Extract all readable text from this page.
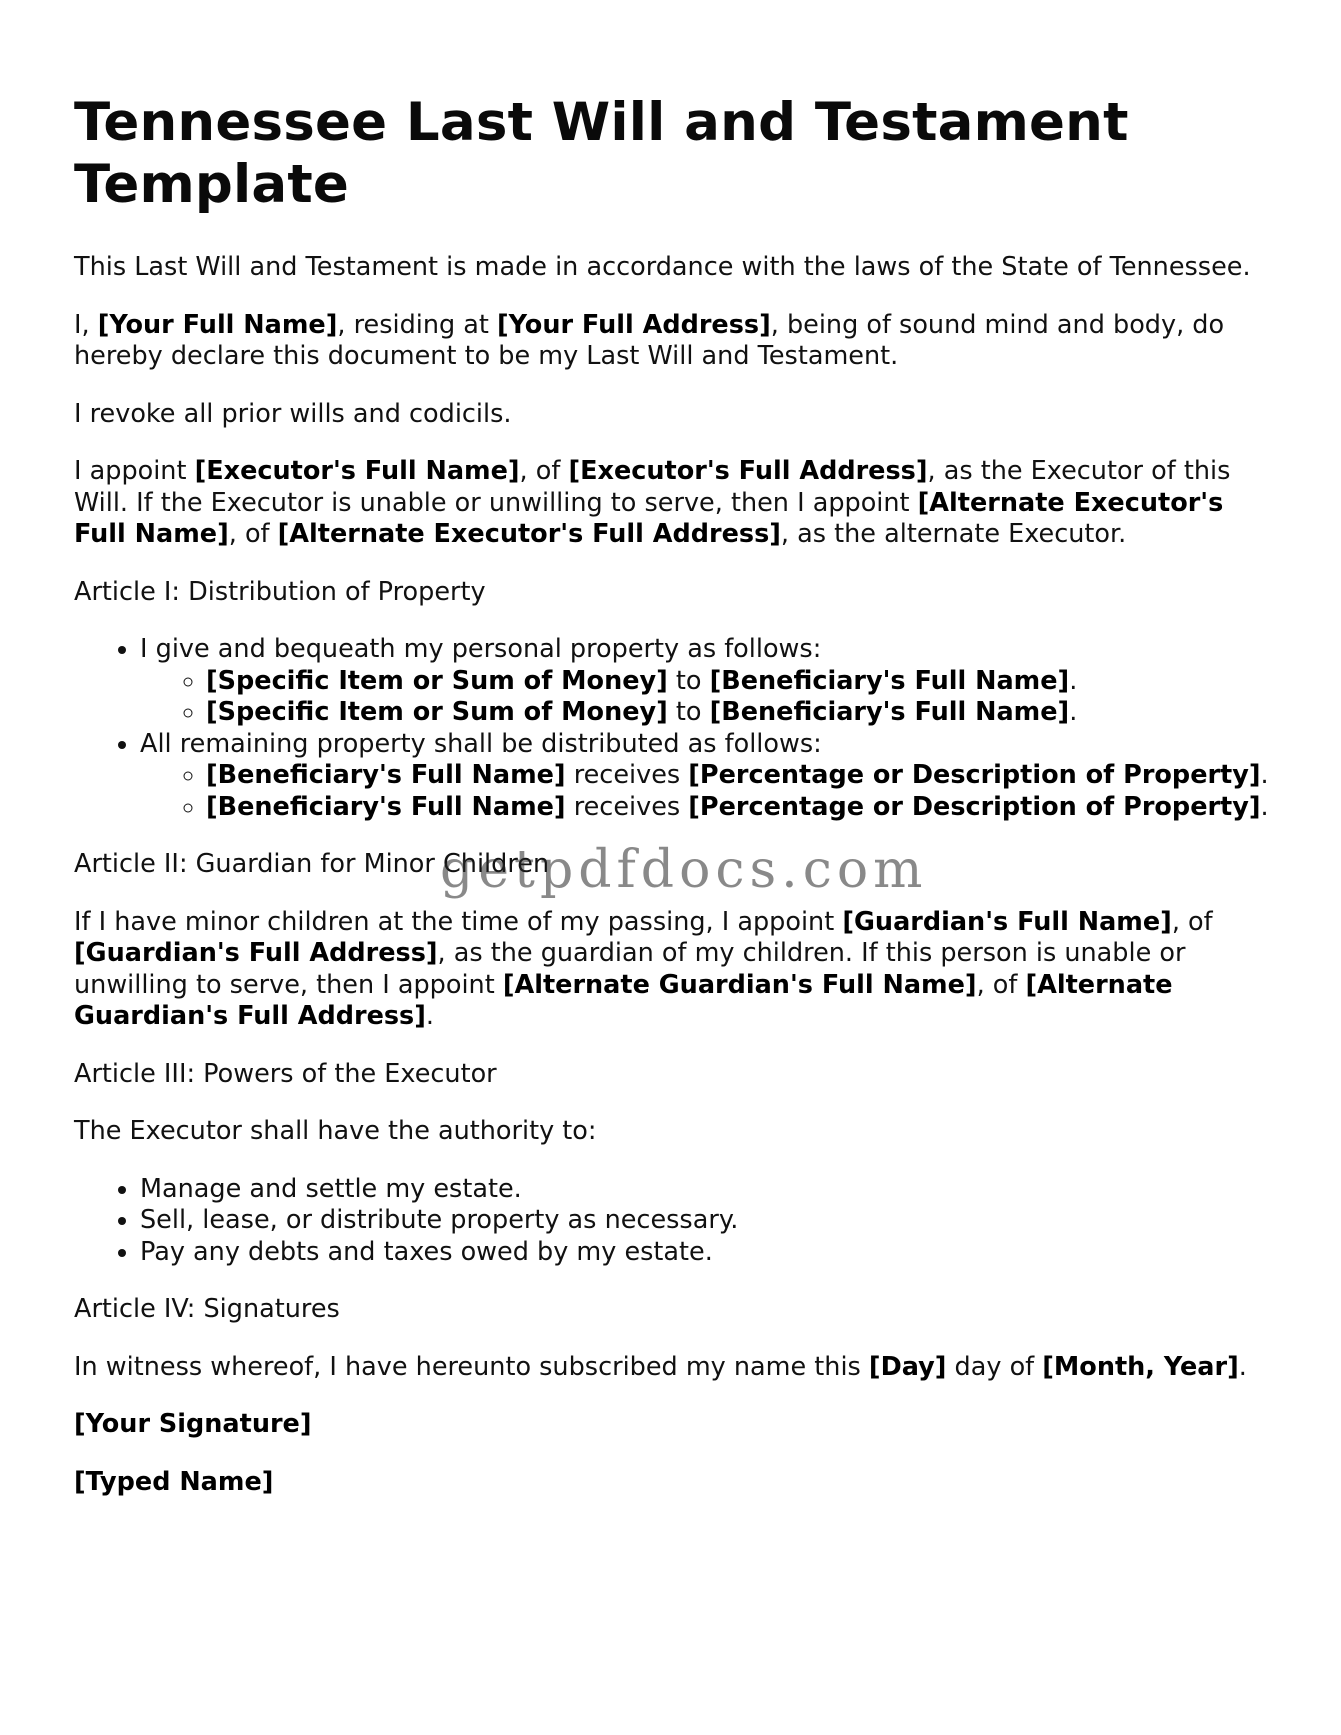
Tennessee Last Will and Testament Template

This Last Will and Testament is made in accordance with the laws of the State of Tennessee.

I, [Your Full Name], residing at [Your Full Address], being of sound mind and body, do hereby declare this document to be my Last Will and Testament.

I revoke all prior wills and codicils.

I appoint [Executor's Full Name], of [Executor's Full Address], as the Executor of this Will. If the Executor is unable or unwilling to serve, then I appoint [Alternate Executor's Full Name], of [Alternate Executor's Full Address], as the alternate Executor.

Article I: Distribution of Property

• I give and bequeath my personal property as follows:
◦ [Specific Item or Sum of Money] to [Beneficiary's Full Name].
◦ [Specific Item or Sum of Money] to [Beneficiary's Full Name].
• All remaining property shall be distributed as follows:
◦ [Beneficiary's Full Name] receives [Percentage or Description of Property].
◦ [Beneficiary's Full Name] receives [Percentage or Description of Property].

Article II: Guardian for Minor Children

If I have minor children at the time of my passing, I appoint [Guardian's Full Name], of [Guardian's Full Address], as the guardian of my children. If this person is unable or unwilling to serve, then I appoint [Alternate Guardian's Full Name], of [Alternate Guardian's Full Address].

Article III: Powers of the Executor

The Executor shall have the authority to:

• Manage and settle my estate.
• Sell, lease, or distribute property as necessary.
• Pay any debts and taxes owed by my estate.

Article IV: Signatures

In witness whereof, I have hereunto subscribed my name this [Day] day of [Month, Year].

[Your Signature]

[Typed Name]

getpdfdocs.com
